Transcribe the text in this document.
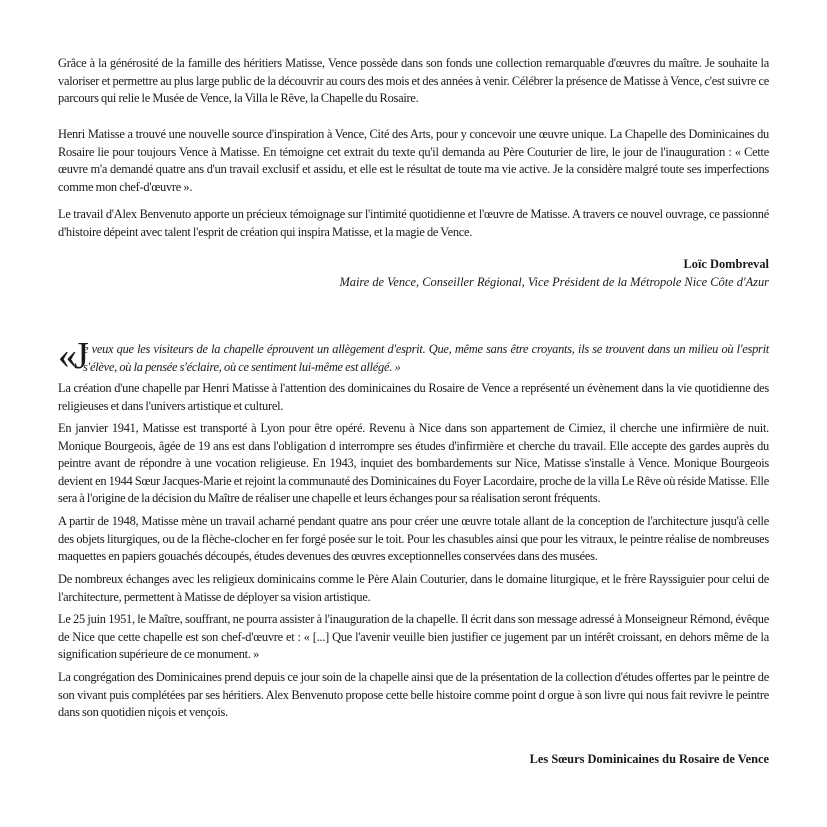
Grâce à la générosité de la famille des héritiers Matisse, Vence possède dans son fonds une collection remarquable d'œuvres du maître. Je souhaite la valoriser et permettre au plus large public de la découvrir au cours des mois et des années à venir. Célébrer la présence de Matisse à Vence, c'est suivre ce parcours qui relie le Musée de Vence, la Villa le Rêve, la Chapelle du Rosaire.

Henri Matisse a trouvé une nouvelle source d'inspiration à Vence, Cité des Arts, pour y concevoir une œuvre unique. La Chapelle des Dominicaines du Rosaire lie pour toujours Vence à Matisse. En témoigne cet extrait du texte qu'il demanda au Père Couturier de lire, le jour de l'inauguration : « Cette œuvre m'a demandé quatre ans d'un travail exclusif et assidu, et elle est le résultat de toute ma vie active. Je la considère malgré toute ses imperfections comme mon chef-d'œuvre ».

Le travail d'Alex Benvenuto apporte un précieux témoignage sur l'intimité quotidienne et l'œuvre de Matisse. A travers ce nouvel ouvrage, ce passionné d'histoire dépeint avec talent l'esprit de création qui inspira Matisse, et la magie de Vence.

Loïc Dombreval
Maire de Vence, Conseiller Régional, Vice Président de la Métropole Nice Côte d'Azur
«J

e veux que les visiteurs de la chapelle éprouvent un allègement d'esprit. Que, même sans être croyants, ils se trouvent dans un milieu où l'esprit s'élève, où la pensée s'éclaire, où ce sentiment lui-même est allégé. »

La création d'une chapelle par Henri Matisse à l'attention des dominicaines du Rosaire de Vence a représenté un évènement dans la vie quotidienne des religieuses et dans l'univers artistique et culturel.

En janvier 1941, Matisse est transporté à Lyon pour être opéré. Revenu à Nice dans son appartement de Cimiez, il cherche une infirmière de nuit. Monique Bourgeois, âgée de 19 ans est dans l'obligation d interrompre ses études d'infirmière et cherche du travail. Elle accepte des gardes auprès du peintre avant de répondre à une vocation religieuse. En 1943, inquiet des bombardements sur Nice, Matisse s'installe à Vence. Monique Bourgeois devient en 1944 Sœur Jacques-Marie et rejoint la communauté des Dominicaines du Foyer Lacordaire, proche de la villa Le Rêve où réside Matisse. Elle sera à l'origine de la décision du Maître de réaliser une chapelle et leurs échanges pour sa réalisation seront fréquents.

A partir de 1948, Matisse mène un travail acharné pendant quatre ans pour créer une œuvre totale allant de la conception de l'architecture jusqu'à celle des objets liturgiques, ou de la flèche-clocher en fer forgé posée sur le toit. Pour les chasubles ainsi que pour les vitraux, le peintre réalise de nombreuses maquettes en papiers gouachés découpés, études devenues des œuvres exceptionnelles conservées dans des musées.

De nombreux échanges avec les religieux dominicains comme le Père Alain Couturier, dans le domaine liturgique, et le frère Rayssiguier pour celui de l'architecture, permettent à Matisse de déployer sa vision artistique.

Le 25 juin 1951, le Maître, souffrant, ne pourra assister à l'inauguration de la chapelle. Il écrit dans son message adressé à Monseigneur Rémond, évêque de Nice que cette chapelle est son chef-d'œuvre et : « [...] Que l'avenir veuille bien justifier ce jugement par un intérêt croissant, en dehors même de la signification supérieure de ce monument. »

La congrégation des Dominicaines prend depuis ce jour soin de la chapelle ainsi que de la présentation de la collection d'études offertes par le peintre de son vivant puis complétées par ses héritiers. Alex Benvenuto propose cette belle histoire comme point d orgue à son livre qui nous fait revivre le peintre dans son quotidien niçois et vençois.

Les Sœurs Dominicaines du Rosaire de Vence
